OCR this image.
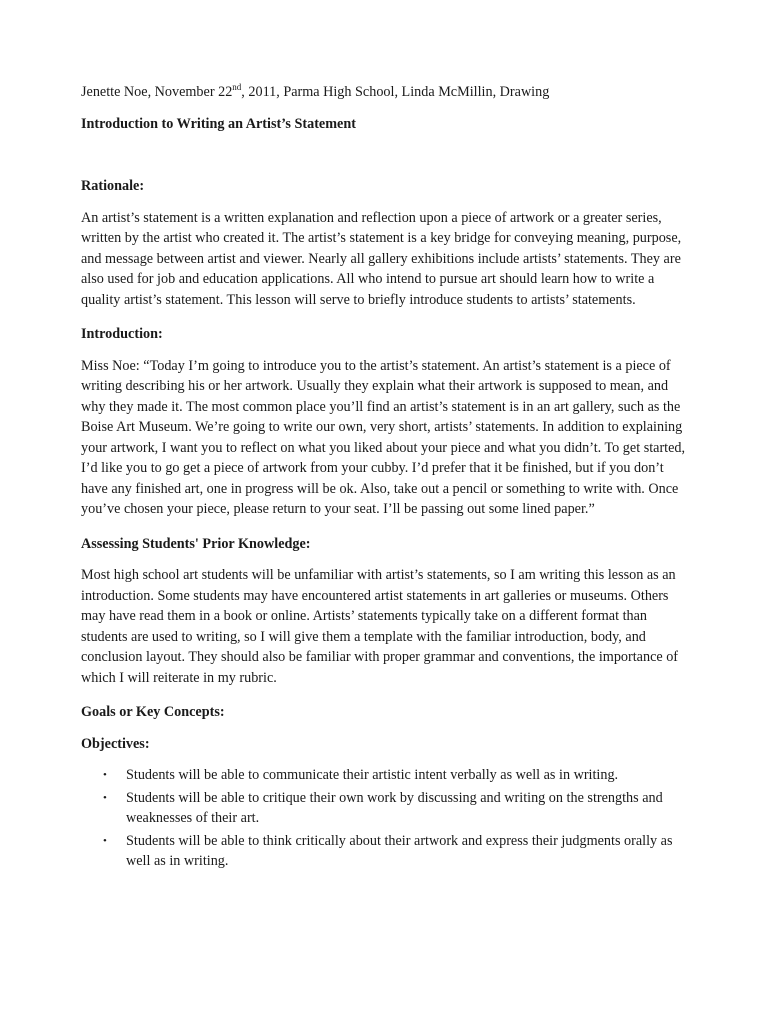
Jenette Noe, November 22nd, 2011, Parma High School, Linda McMillin, Drawing

Introduction to Writing an Artist’s Statement

Rationale:

An artist’s statement is a written explanation and reflection upon a piece of artwork or a greater series, written by the artist who created it. The artist’s statement is a key bridge for conveying meaning, purpose, and message between artist and viewer. Nearly all gallery exhibitions include artists’ statements. They are also used for job and education applications. All who intend to pursue art should learn how to write a quality artist’s statement. This lesson will serve to briefly introduce students to artists’ statements.

Introduction:

Miss Noe: “Today I’m going to introduce you to the artist’s statement. An artist’s statement is a piece of writing describing his or her artwork. Usually they explain what their artwork is supposed to mean, and why they made it. The most common place you’ll find an artist’s statement is in an art gallery, such as the Boise Art Museum. We’re going to write our own, very short, artists’ statements. In addition to explaining your artwork, I want you to reflect on what you liked about your piece and what you didn’t. To get started, I’d like you to go get a piece of artwork from your cubby. I’d prefer that it be finished, but if you don’t have any finished art, one in progress will be ok. Also, take out a pencil or something to write with. Once you’ve chosen your piece, please return to your seat. I’ll be passing out some lined paper.”

Assessing Students' Prior Knowledge:

Most high school art students will be unfamiliar with artist’s statements, so I am writing this lesson as an introduction. Some students may have encountered artist statements in art galleries or museums. Others may have read them in a book or online. Artists’ statements typically take on a different format than students are used to writing, so I will give them a template with the familiar introduction, body, and conclusion layout. They should also be familiar with proper grammar and conventions, the importance of which I will reiterate in my rubric.

Goals or Key Concepts:

Objectives:

• Students will be able to communicate their artistic intent verbally as well as in writing.
• Students will be able to critique their own work by discussing and writing on the strengths and weaknesses of their art.
• Students will be able to think critically about their artwork and express their judgments orally as well as in writing.
